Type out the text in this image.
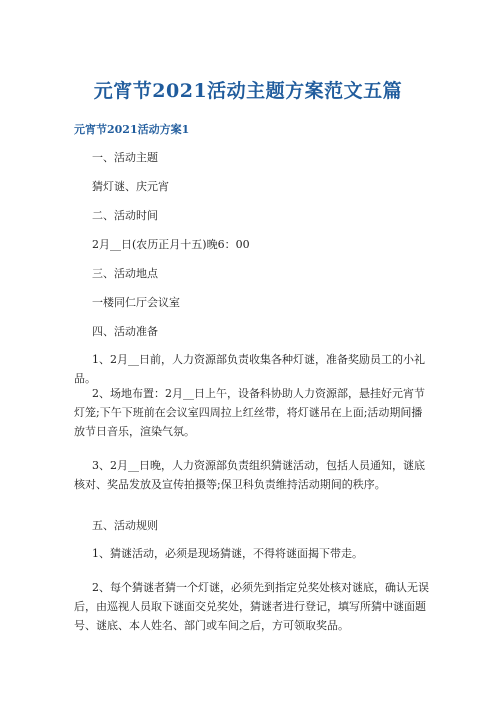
元宵节2021活动主题方案范文五篇
元宵节2021活动方案1
一、活动主题
猜灯谜、庆元宵
二、活动时间
2月__日(农历正月十五)晚6：00
三、活动地点
一楼同仁厅会议室
四、活动准备
1、2月__日前，人力资源部负责收集各种灯谜，准备奖励员工的小礼品。
2、场地布置：2月__日上午，设备科协助人力资源部，悬挂好元宵节灯笼;下午下班前在会议室四周拉上红丝带，将灯谜吊在上面;活动期间播放节日音乐，渲染气氛。
3、2月__日晚，人力资源部负责组织猜谜活动，包括人员通知，谜底核对、奖品发放及宣传拍摄等;保卫科负责维持活动期间的秩序。
五、活动规则
1、猜谜活动，必须是现场猜谜，不得将谜面揭下带走。
2、每个猜谜者猜一个灯谜，必须先到指定兑奖处核对谜底，确认无误后，由巡视人员取下谜面交兑奖处，猜谜者进行登记，填写所猜中谜面题号、谜底、本人姓名、部门或车间之后，方可领取奖品。
